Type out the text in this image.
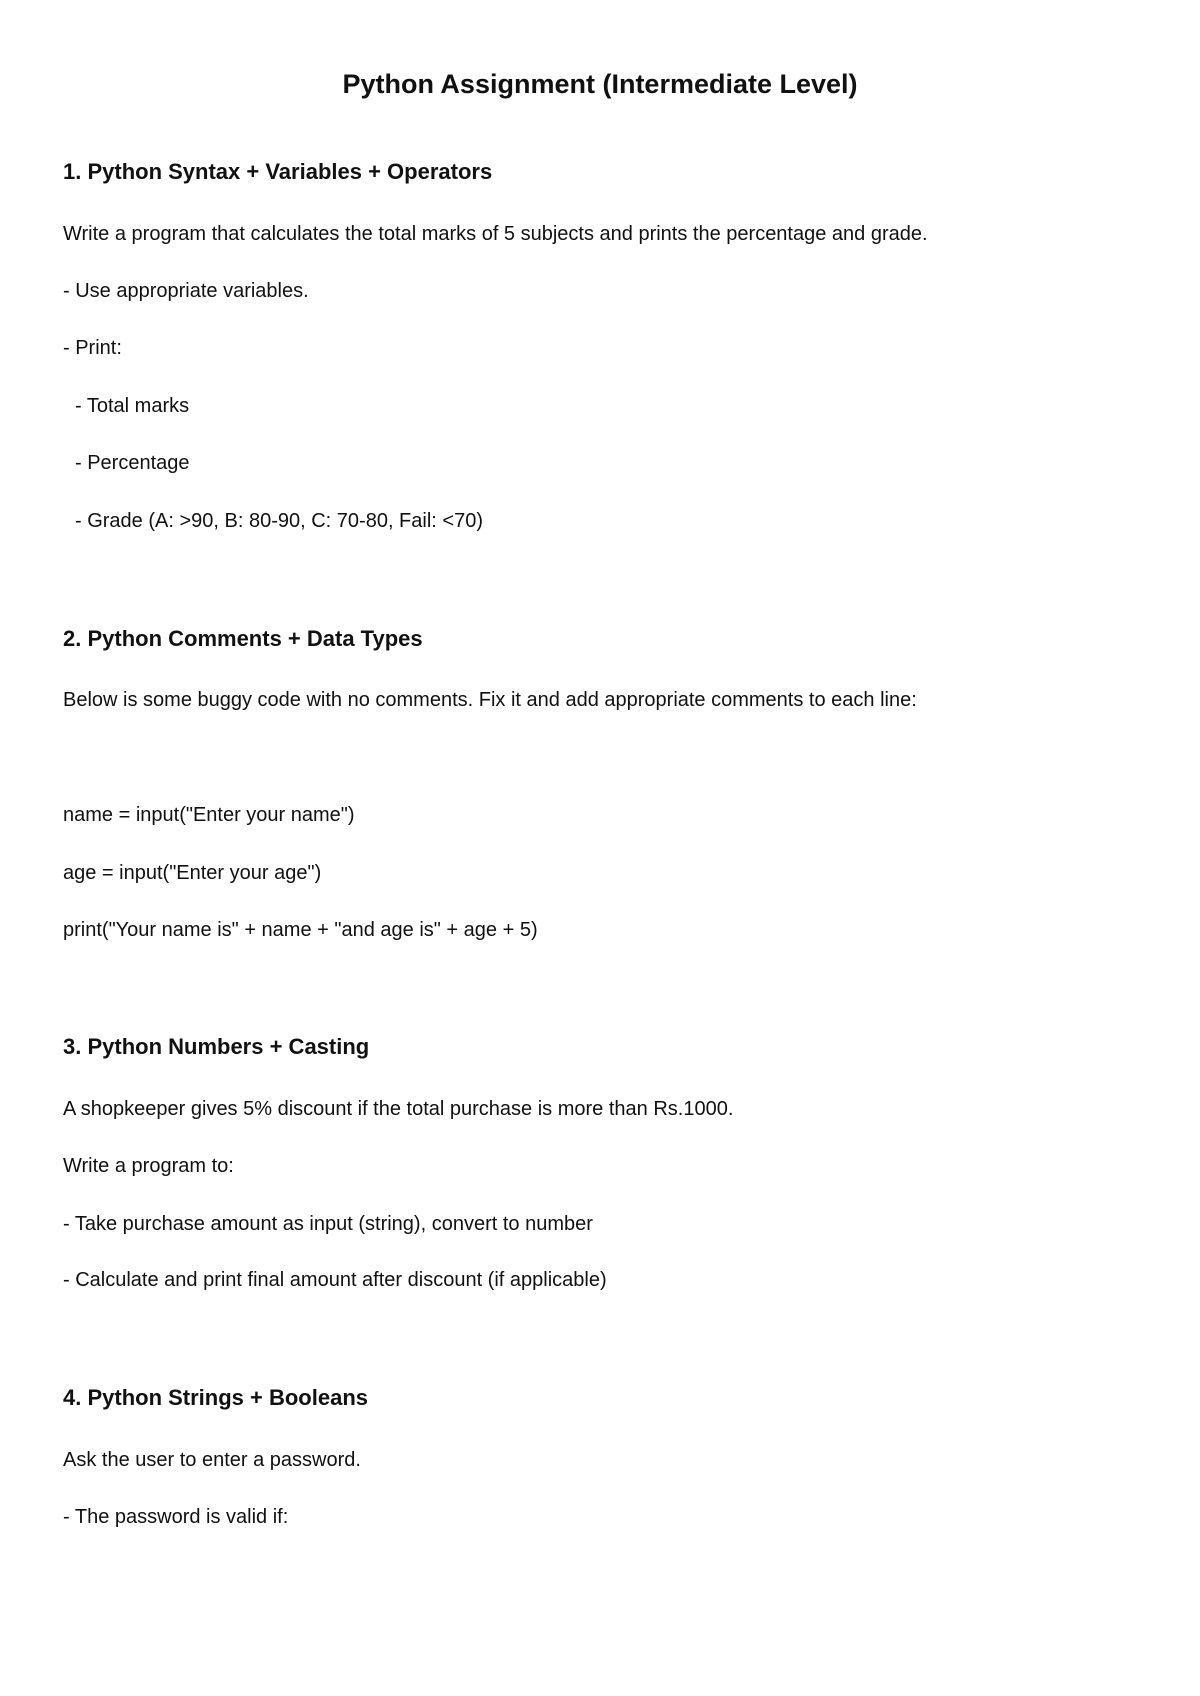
Python Assignment (Intermediate Level)

1. Python Syntax + Variables + Operators

Write a program that calculates the total marks of 5 subjects and prints the percentage and grade.

- Use appropriate variables.

- Print:

- Total marks

- Percentage

- Grade (A: >90, B: 80-90, C: 70-80, Fail: <70)

2. Python Comments + Data Types

Below is some buggy code with no comments. Fix it and add appropriate comments to each line:

name = input("Enter your name")

age = input("Enter your age")

print("Your name is" + name + "and age is" + age + 5)

3. Python Numbers + Casting

A shopkeeper gives 5% discount if the total purchase is more than Rs.1000.

Write a program to:

- Take purchase amount as input (string), convert to number

- Calculate and print final amount after discount (if applicable)

4. Python Strings + Booleans

Ask the user to enter a password.

- The password is valid if:
